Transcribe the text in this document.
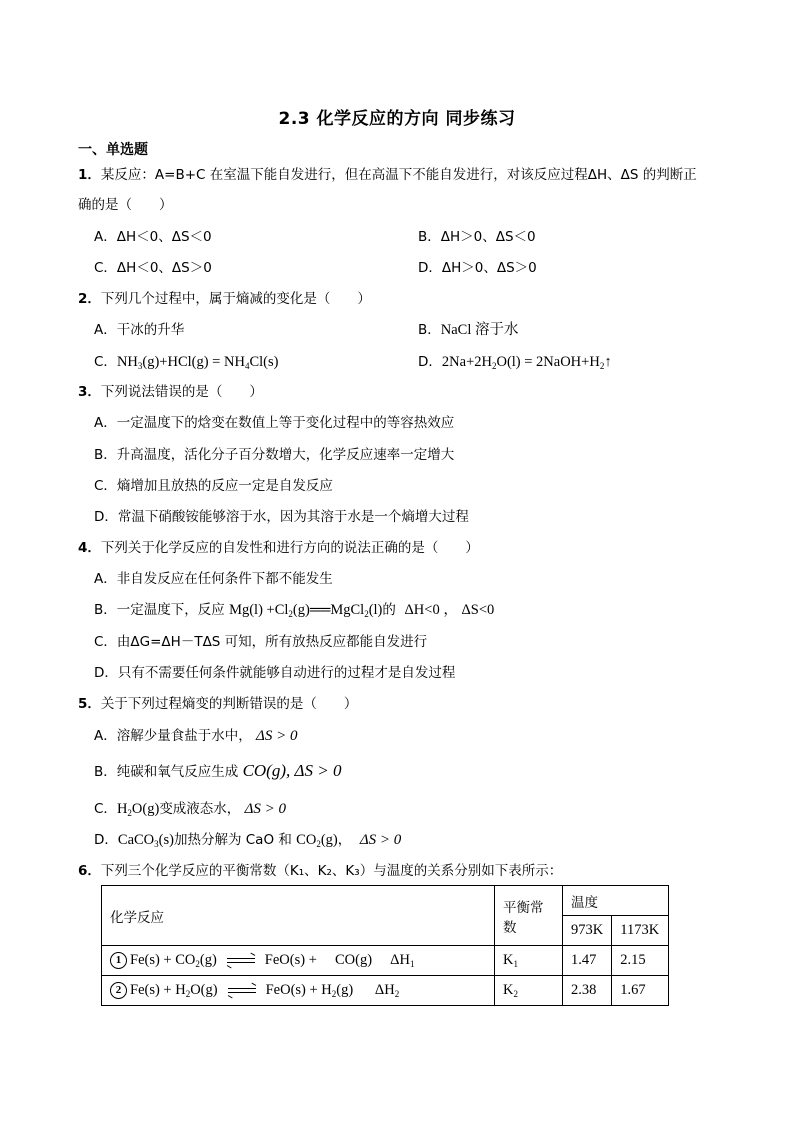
2.3 化学反应的方向 同步练习
一、单选题
1．某反应：A=B+C 在室温下能自发进行，但在高温下不能自发进行，对该反应过程ΔH、ΔS 的判断正
确的是（　　）
A．ΔH＜0、ΔS＜0	B．ΔH＞0、ΔS＜0
C．ΔH＜0、ΔS＞0	D．ΔH＞0、ΔS＞0
2．下列几个过程中，属于熵减的变化是（　　）
A．干冰的升华	B．NaCl 溶于水
C．$NH_3(g)+HCl(g) = NH_4Cl(s)$	D．$2Na+2H_2O(l)$ = $2NaOH+H_2↑$
3．下列说法错误的是（　　）
A．一定温度下的焓变在数值上等于变化过程中的等容热效应
B．升高温度，活化分子百分数增大，化学反应速率一定增大
C．熵增加且放热的反应一定是自发反应
D．常温下硝酸铵能够溶于水，因为其溶于水是一个熵增大过程
4．下列关于化学反应的自发性和进行方向的说法正确的是（　　）
A．非自发反应在任何条件下都不能发生
B．一定温度下，反应 $Mg(l) +Cl_2(g)══MgCl_2(l)$的  ΔH<0 ， ΔS<0
C．由ΔG=ΔH－TΔS 可知，所有放热反应都能自发进行
D．只有不需要任何条件就能够自动进行的过程才是自发过程
5．关于下列过程熵变的判断错误的是（　　）
A．溶解少量食盐于水中， ΔS > 0
B．纯碳和氧气反应生成 CO(g), ΔS > 0
C．$H_2O(g)$变成液态水， ΔS > 0
D．CaCO$_3$(s)加热分解为 CaO 和 $CO_2(g)$，  ΔS > 0
6．下列三个化学反应的平衡常数（K₁、K₂、K₃）与温度的关系分别如下表所示：
化学反应	平衡常数	温度	
		973K	1173K
1 $Fe(s) + CO_2(g) FeO(s)$ +     CO(g)     $\Delta H_1$	$K_1$	1.47	2.15
2 $Fe(s) + H_2O(g) FeO(s) + H_2(g)$      $\Delta H_2$	$K_2$	2.38	1.67
